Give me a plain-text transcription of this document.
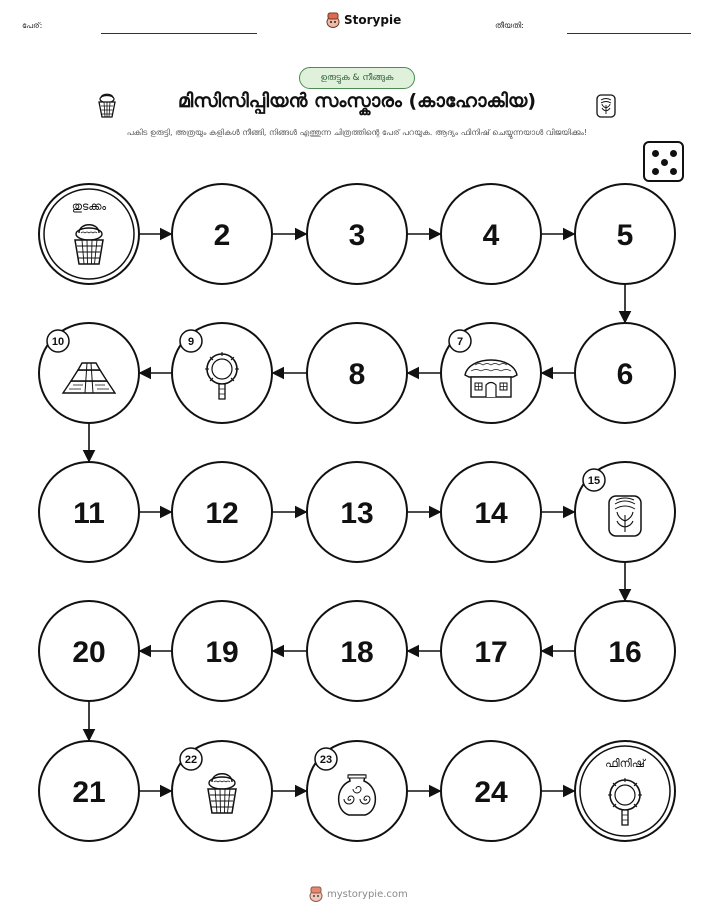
പേര്:	Storypie	തീയതി:
ഉരുട്ടുക & നീങ്ങുക
മിസിസിപ്പിയൻ സംസ്കാരം (കാഹോകിയ)
പകിട ഉരുട്ടി, അത്രയും കളികൾ നീങ്ങി, നിങ്ങൾ എത്തുന്ന ചിത്രത്തിന്റെ പേര് പറയുക. ആദ്യം ഫിനിഷ് ചെയ്യുന്നയാൾ വിജയിക്കും!
തുടക്കം
2	3	4	5
6
7
8
9
10
11	12	13	14
15
16
17
18
19
20
21
22	23
24
ഫിനിഷ്
mystorypie.com
